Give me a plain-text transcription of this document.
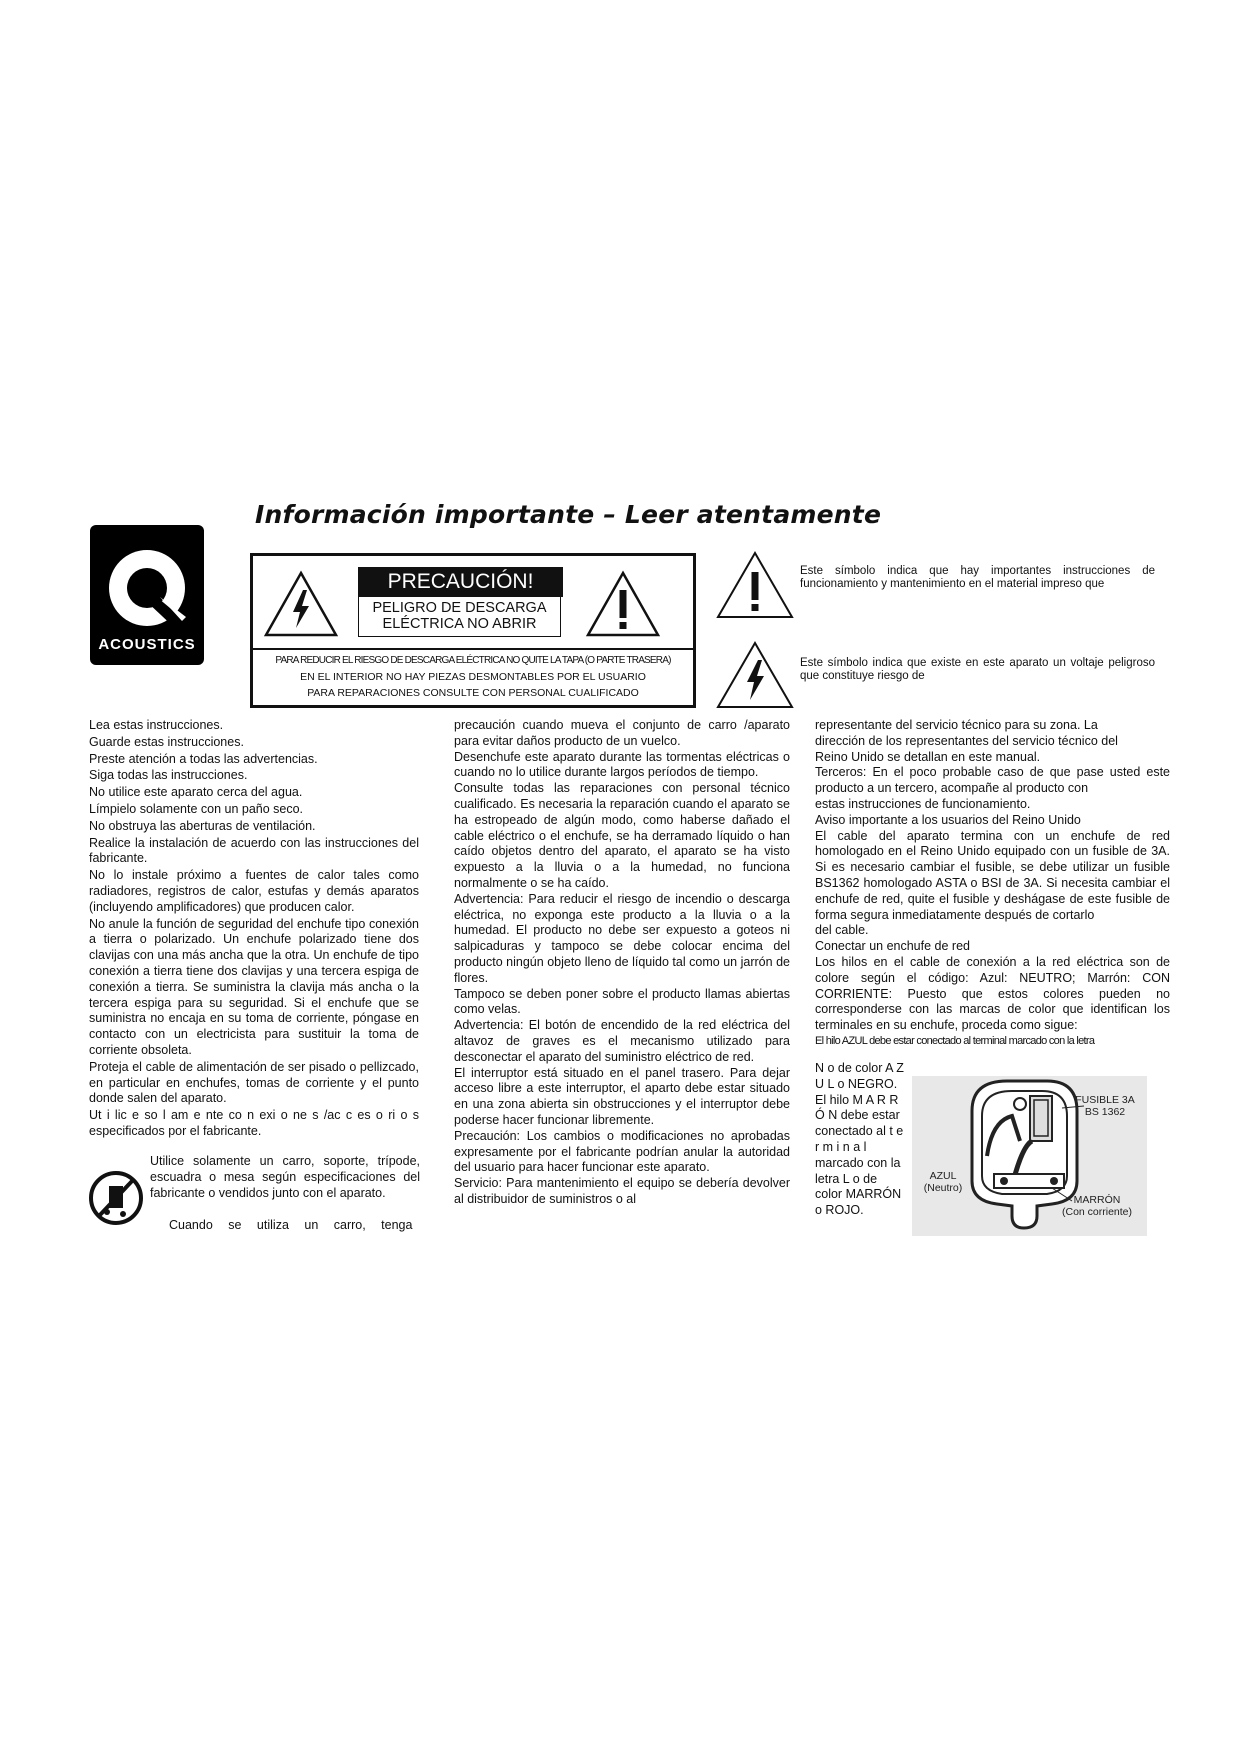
Información importante – Leer atentamente
ACOUSTICS
PRECAUCIÓN!
PELIGRO DE DESCARGA
ELÉCTRICA NO ABRIR
PARA REDUCIR EL RIESGO DE DESCARGA ELÉCTRICA NO QUITE LA TAPA (O PARTE TRASERA)
EN EL INTERIOR NO HAY PIEZAS DESMONTABLES POR EL USUARIO
PARA REPARACIONES CONSULTE CON PERSONAL CUALIFICADO
Este símbolo indica que hay importantes instrucciones de funcionamiento y mantenimiento en el material impreso que
Este símbolo indica que existe en este aparato un voltaje peligroso que constituye riesgo de

Lea estas instrucciones.

Guarde estas instrucciones.

Preste atención a todas las advertencias.

Siga todas las instrucciones.

No utilice este aparato cerca del agua.

Límpielo solamente con un paño seco.

No obstruya las aberturas de ventilación.

Realice la instalación de acuerdo con las instrucciones del fabricante.

No lo instale próximo a fuentes de calor tales como radiadores, registros de calor, estufas y demás aparatos (incluyendo amplificadores) que producen calor.

No anule la función de seguridad del enchufe tipo conexión a tierra o polarizado. Un enchufe polarizado tiene dos clavijas con una más ancha que la otra. Un enchufe de tipo conexión a tierra tiene dos clavijas y una tercera espiga de conexión a tierra. Se suministra la clavija más ancha o la tercera espiga para su seguridad. Si el enchufe que se suministra no encaja en su toma de corriente, póngase en contacto con un electricista para sustituir la toma de corriente obsoleta.

Proteja el cable de alimentación de ser pisado o pellizcado, en particular en enchufes, tomas de corriente y el punto donde salen del aparato.

Ut i lic e so l am e nte co n exi o ne s /ac c es o ri o s especificados por el fabricante.

Utilice solamente un carro, soporte, trípode, escuadra o mesa según especificaciones del fabricante o vendidos junto con el aparato.
Cuando se utiliza un carro, tenga

precaución cuando mueva el conjunto de carro /aparato para evitar daños producto de un vuelco.

Desenchufe este aparato durante las tormentas eléctricas o cuando no lo utilice durante largos períodos de tiempo.

Consulte todas las reparaciones con personal técnico cualificado. Es necesaria la reparación cuando el aparato se ha estropeado de algún modo, como haberse dañado el cable eléctrico o el enchufe, se ha derramado líquido o han caído objetos dentro del aparato, el aparato se ha visto expuesto a la lluvia o a la humedad, no funciona normalmente o se ha caído.

Advertencia: Para reducir el riesgo de incendio o descarga eléctrica, no exponga este producto a la lluvia o a la humedad. El producto no debe ser expuesto a goteos ni salpicaduras y tampoco se debe colocar encima del producto ningún objeto lleno de líquido tal como un jarrón de flores.

Tampoco se deben poner sobre el producto llamas abiertas como velas.

Advertencia: El botón de encendido de la red eléctrica del altavoz de graves es el mecanismo utilizado para desconectar el aparato del suministro eléctrico de red.

El interruptor está situado en el panel trasero. Para dejar acceso libre a este interruptor, el aparto debe estar situado en una zona abierta sin obstrucciones y el interruptor debe poderse hacer funcionar libremente.

Precaución: Los cambios o modificaciones no aprobadas expresamente por el fabricante podrían anular la autoridad del usuario para hacer funcionar este aparato.

Servicio: Para mantenimiento el equipo se debería devolver al distribuidor de suministros o al

representante del servicio técnico para su zona. La

dirección de los representantes del servicio técnico del

Reino Unido se detallan en este manual.

Terceros: En el poco probable caso de que pase usted este producto a un tercero, acompañe al producto con

estas instrucciones de funcionamiento.

Aviso importante a los usuarios del Reino Unido

El cable del aparato termina con un enchufe de red homologado en el Reino Unido equipado con un fusible de 3A. Si es necesario cambiar el fusible, se debe utilizar un fusible BS1362 homologado ASTA o BSI de 3A. Si necesita cambiar el enchufe de red, quite el fusible y deshágase de este fusible de forma segura inmediatamente después de cortarlo

del cable.

Conectar un enchufe de red

Los hilos en el cable de conexión a la red eléctrica son de colore según el código: Azul: NEUTRO; Marrón: CON CORRIENTE: Puesto que estos colores pueden no corresponderse con las marcas de color que identifican los terminales en su enchufe, proceda como sigue:

El hilo AZUL debe estar conectado al terminal marcado con la letra

N o de color A Z U L o NEGRO. El hilo M A R R Ó N debe estar conectado al t e r m i n a l marcado con la letra L o de color MARRÓN o ROJO.
FUSIBLE 3A
BS 1362
AZUL
(Neutro)
MARRÓN
(Con corriente)
